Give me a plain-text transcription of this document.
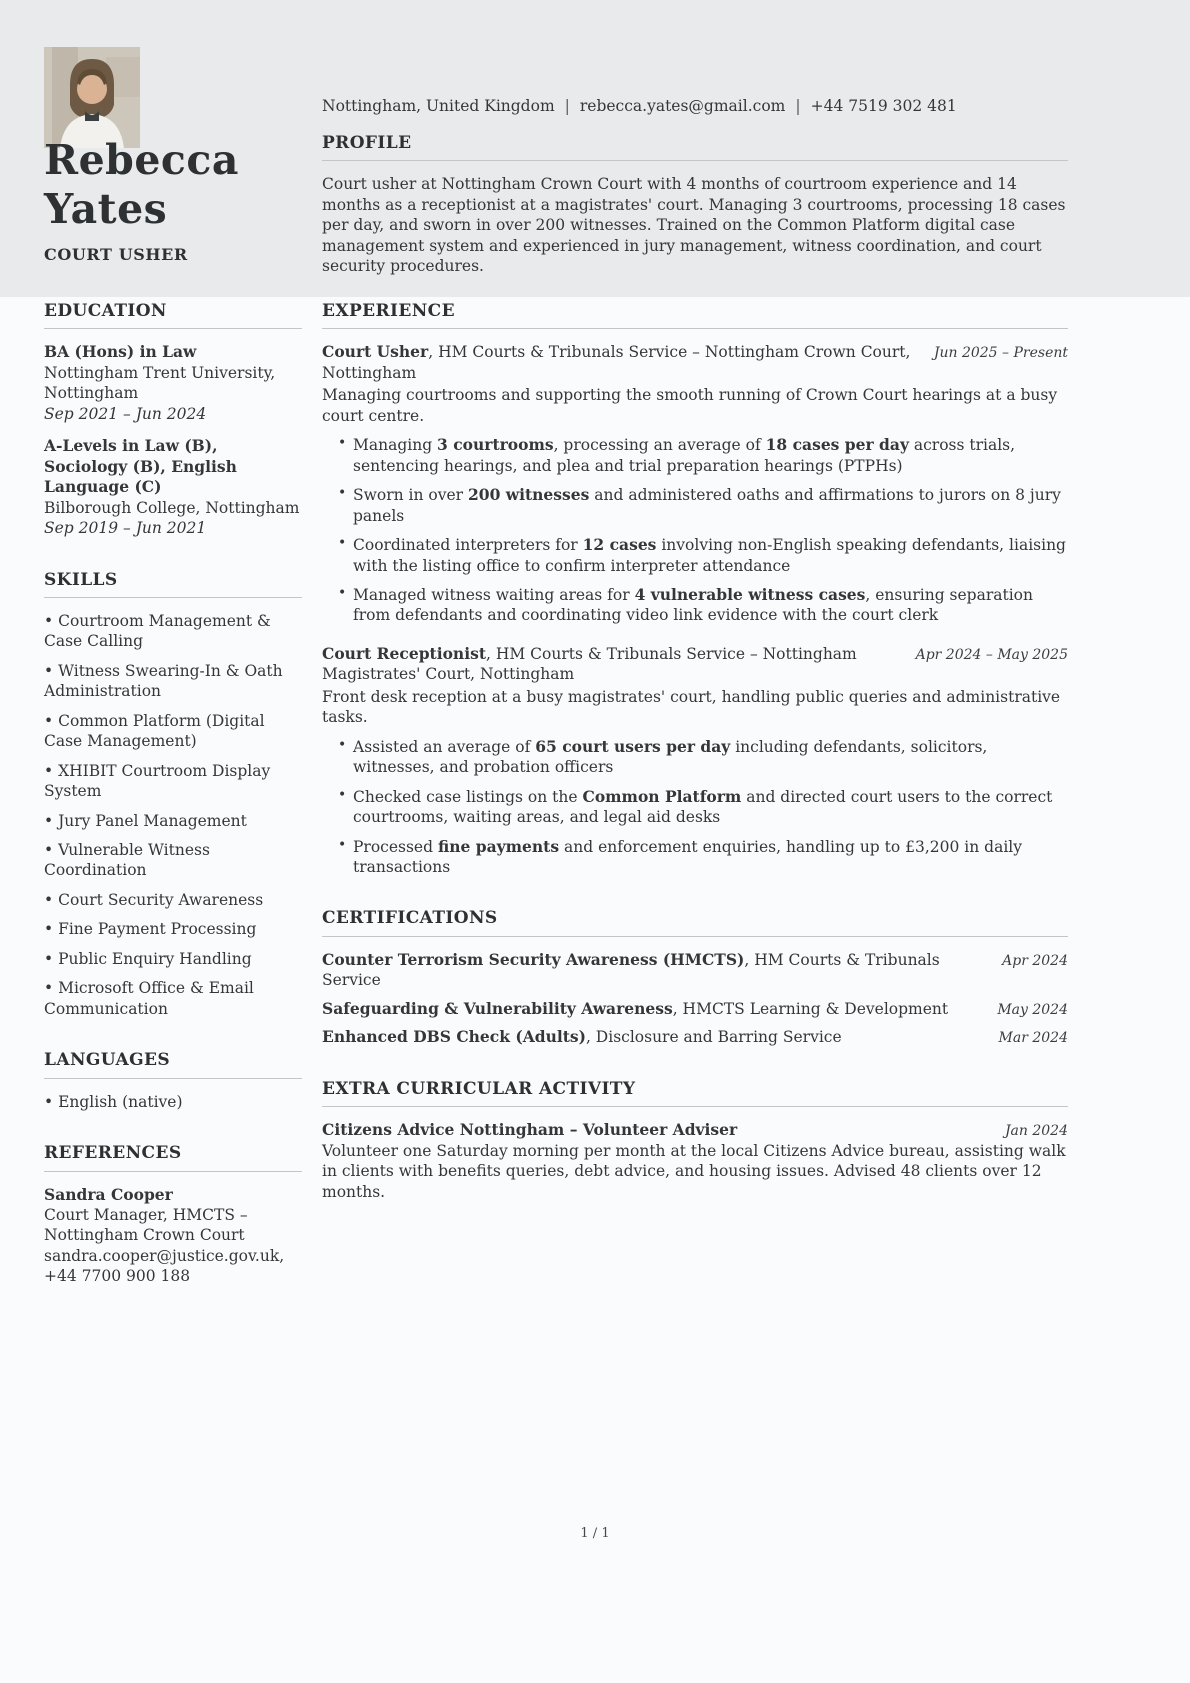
Rebecca Yates
COURT USHER
Nottingham, United Kingdom | rebecca.yates@gmail.com | +44 7519 302 481
PROFILE
Court usher at Nottingham Crown Court with 4 months of courtroom experience and 14 months as a receptionist at a magistrates' court. Managing 3 courtrooms, processing 18 cases per day, and sworn in over 200 witnesses. Trained on the Common Platform digital case management system and experienced in jury management, witness coordination, and court security procedures.
EDUCATION
BA (Hons) in Law
Nottingham Trent University, Nottingham
Sep 2021 – Jun 2024
A-Levels in Law (B), Sociology (B), English Language (C)
Bilborough College, Nottingham
Sep 2019 – Jun 2021
SKILLS
• Courtroom Management & Case Calling
• Witness Swearing-In & Oath Administration
• Common Platform (Digital Case Management)
• XHIBIT Courtroom Display System
• Jury Panel Management
• Vulnerable Witness Coordination
• Court Security Awareness
• Fine Payment Processing
• Public Enquiry Handling
• Microsoft Office & Email Communication
LANGUAGES
• English (native)
REFERENCES
Sandra Cooper
Court Manager, HMCTS – Nottingham Crown Court
sandra.cooper@justice.gov.uk, +44 7700 900 188
EXPERIENCE
Court Usher, HM Courts & Tribunals Service – Nottingham Crown Court, Nottingham
Jun 2025 – Present
Managing courtrooms and supporting the smooth running of Crown Court hearings at a busy court centre.
• Managing 3 courtrooms, processing an average of 18 cases per day across trials, sentencing hearings, and plea and trial preparation hearings (PTPHs)
• Sworn in over 200 witnesses and administered oaths and affirmations to jurors on 8 jury panels
• Coordinated interpreters for 12 cases involving non-English speaking defendants, liaising with the listing office to confirm interpreter attendance
• Managed witness waiting areas for 4 vulnerable witness cases, ensuring separation from defendants and coordinating video link evidence with the court clerk
Court Receptionist, HM Courts & Tribunals Service – Nottingham Magistrates' Court, Nottingham
Apr 2024 – May 2025
Front desk reception at a busy magistrates' court, handling public queries and administrative tasks.
• Assisted an average of 65 court users per day including defendants, solicitors, witnesses, and probation officers
• Checked case listings on the Common Platform and directed court users to the correct courtrooms, waiting areas, and legal aid desks
• Processed fine payments and enforcement enquiries, handling up to £3,200 in daily transactions
CERTIFICATIONS
Counter Terrorism Security Awareness (HMCTS), HM Courts & Tribunals Service
Apr 2024
Safeguarding & Vulnerability Awareness, HMCTS Learning & Development	May 2024
Enhanced DBS Check (Adults), Disclosure and Barring Service	Mar 2024
EXTRA CURRICULAR ACTIVITY
Citizens Advice Nottingham – Volunteer Adviser	Jan 2024
Volunteer one Saturday morning per month at the local Citizens Advice bureau, assisting walk in clients with benefits queries, debt advice, and housing issues. Advised 48 clients over 12 months.
1 / 1
